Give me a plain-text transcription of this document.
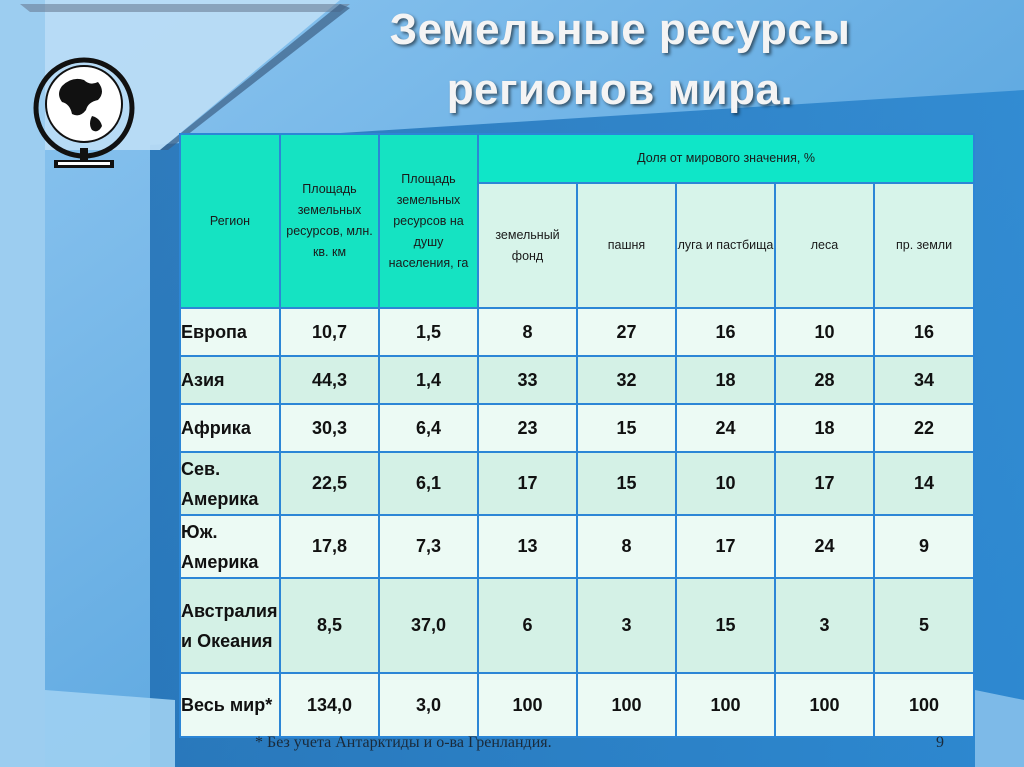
Земельные ресурсы
регионов мира.
Регион	Площадь земельных ресурсов, млн. кв. км	Площадь земельных ресурсов на душу населения, га	Доля от мирового значения, %				
			земельный фонд	пашня	луга и пастбища	леса	пр. земли
Европа	10,7	1,5	8	27	16	10	16
Азия	44,3	1,4	33	32	18	28	34
Африка	30,3	6,4	23	15	24	18	22
Сев. Америка	22,5	6,1	17	15	10	17	14
Юж. Америка	17,8	7,3	13	8	17	24	9
Австралия и Океания	8,5	37,0	6	3	15	3	5
Весь мир*	134,0	3,0	100	100	100	100	100
* Без учета Антарктиды и о-ва Гренландия.	9
